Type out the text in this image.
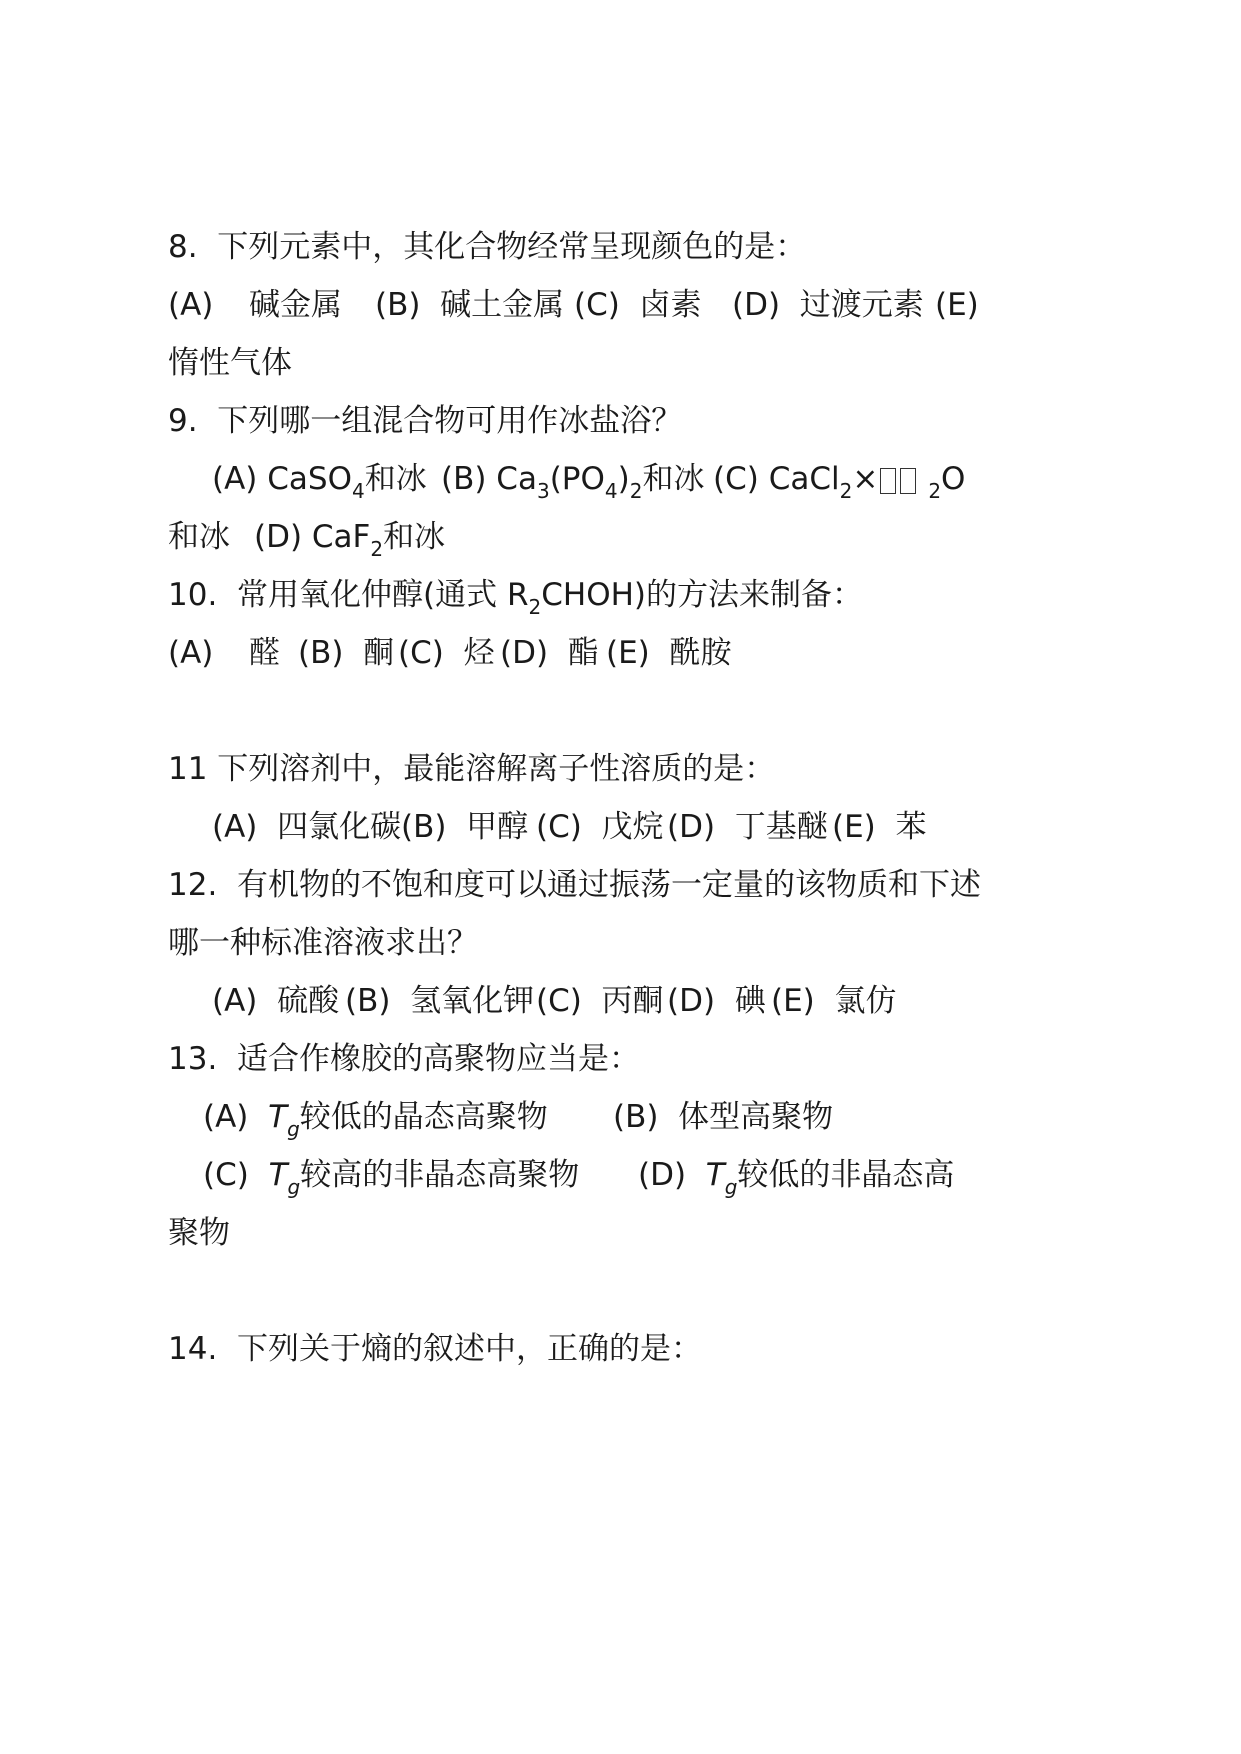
8.  下列元素中，其化合物经常呈现颜色的是：

(A)

碱金属

(B)  碱土金属

(C)  卤素

(D)  过渡元素

(E)

惰性气体

9.  下列哪一组混合物可用作冰盐浴？

(A) CaSO$_4$和冰

(B) $Ca_3(PO_4)_2$和冰

(C) CaCl$_2$×	$_2$O

和冰

(D) CaF$_2$和冰

10.  常用氧化仲醇(通式 $R_2CHOH$)的方法来制备：

(A)

醛

(B)  酮

(C)  烃

(D)  酯

(E)  酰胺

11 下列溶剂中，最能溶解离子性溶质的是：

(A)  四氯化碳

(B)  甲醇

(C)  戊烷

(D)  丁基醚

(E)  苯

12.  有机物的不饱和度可以通过振荡一定量的该物质和下述

哪一种标准溶液求出？

(A)  硫酸

(B)  氢氧化钾

(C)  丙酮

(D)  碘

(E)  氯仿

13.  适合作橡胶的高聚物应当是：

(A) $T_g$较低的晶态高聚物

(B)  体型高聚物

(C) $T_g$较高的非晶态高聚物

(D) $T_g$较低的非晶态高

聚物

14.  下列关于熵的叙述中，正确的是：
